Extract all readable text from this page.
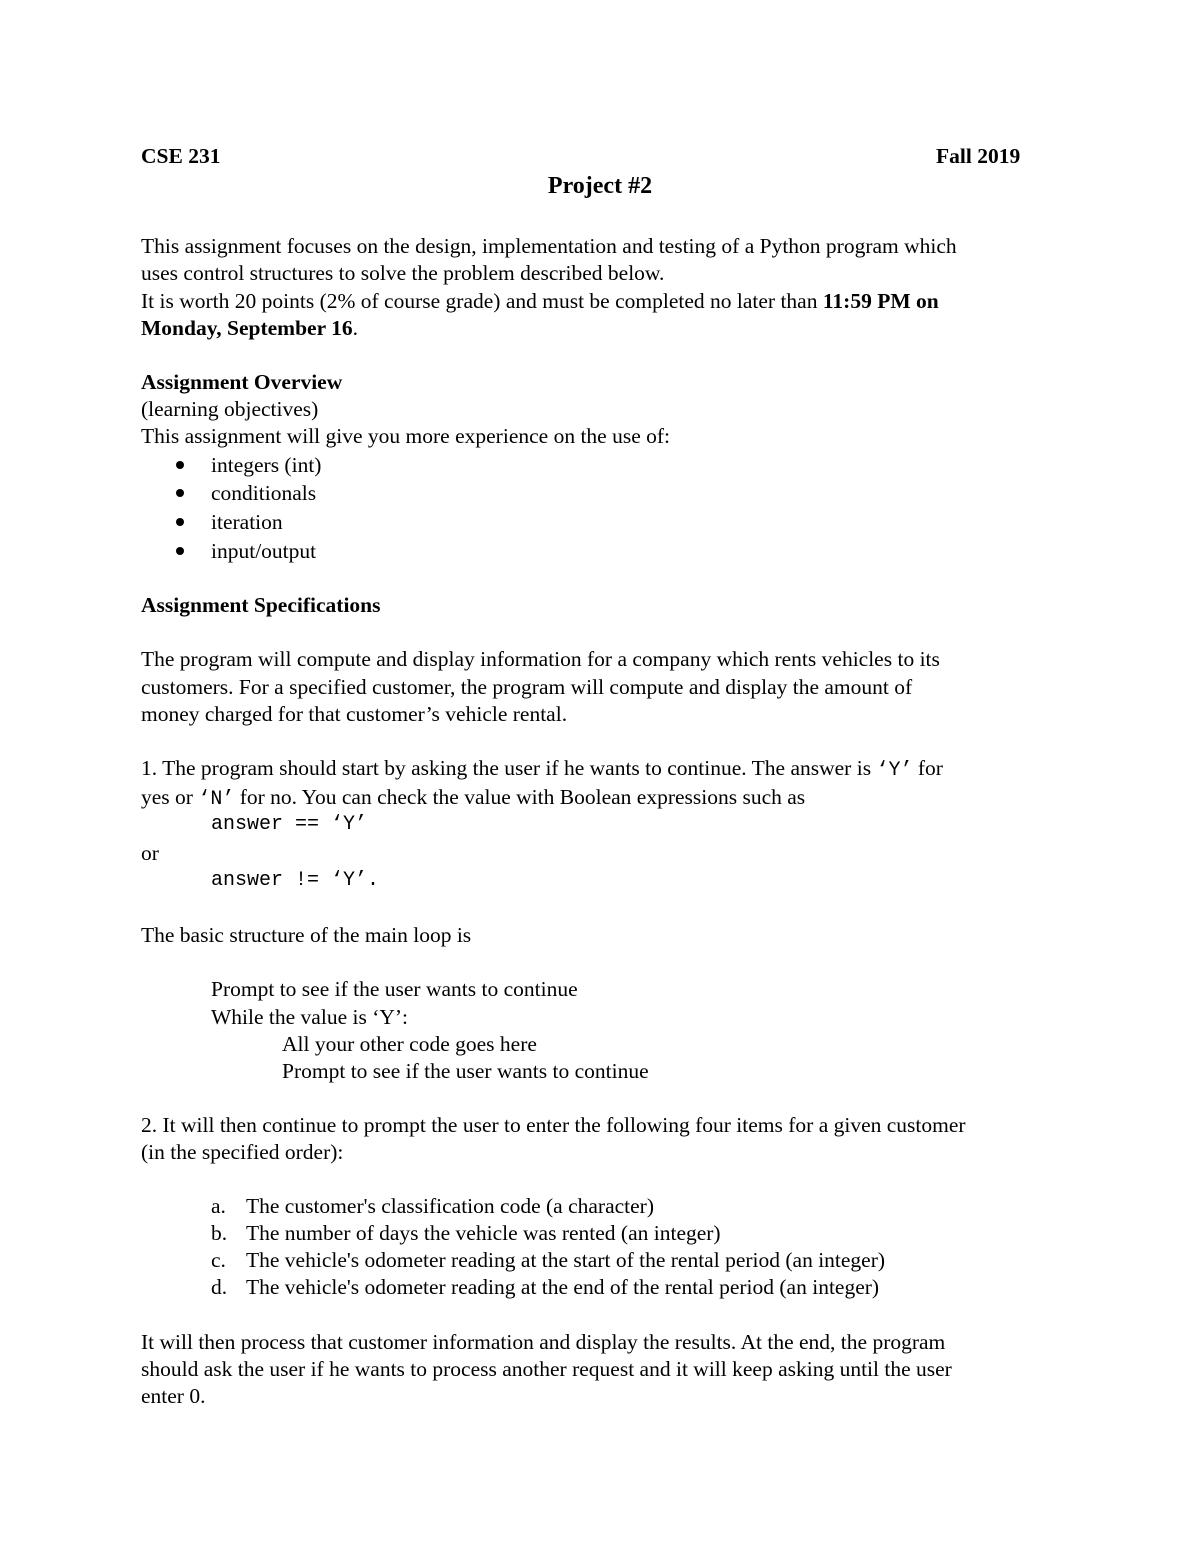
CSE 231	Fall 2019
Project #2
This assignment focuses on the design, implementation and testing of a Python program which
uses control structures to solve the problem described below.
It is worth 20 points (2% of course grade) and must be completed no later than 11:59 PM on
Monday, September 16.
Assignment Overview
(learning objectives)
This assignment will give you more experience on the use of:
integers (int)
conditionals
iteration
input/output
Assignment Specifications
The program will compute and display information for a company which rents vehicles to its
customers. For a specified customer, the program will compute and display the amount of
money charged for that customer’s vehicle rental.
1. The program should start by asking the user if he wants to continue. The answer is ‘Y’ for
yes or ‘N’ for no. You can check the value with Boolean expressions such as
answer == ‘Y’
or
answer != ‘Y’.
The basic structure of the main loop is
Prompt to see if the user wants to continue
While the value is ‘Y’:
All your other code goes here
Prompt to see if the user wants to continue
2. It will then continue to prompt the user to enter the following four items for a given customer
(in the specified order):
a. The customer's classification code (a character)
b. The number of days the vehicle was rented (an integer)
c. The vehicle's odometer reading at the start of the rental period (an integer)
d. The vehicle's odometer reading at the end of the rental period (an integer)
It will then process that customer information and display the results. At the end, the program
should ask the user if he wants to process another request and it will keep asking until the user
enter 0.
